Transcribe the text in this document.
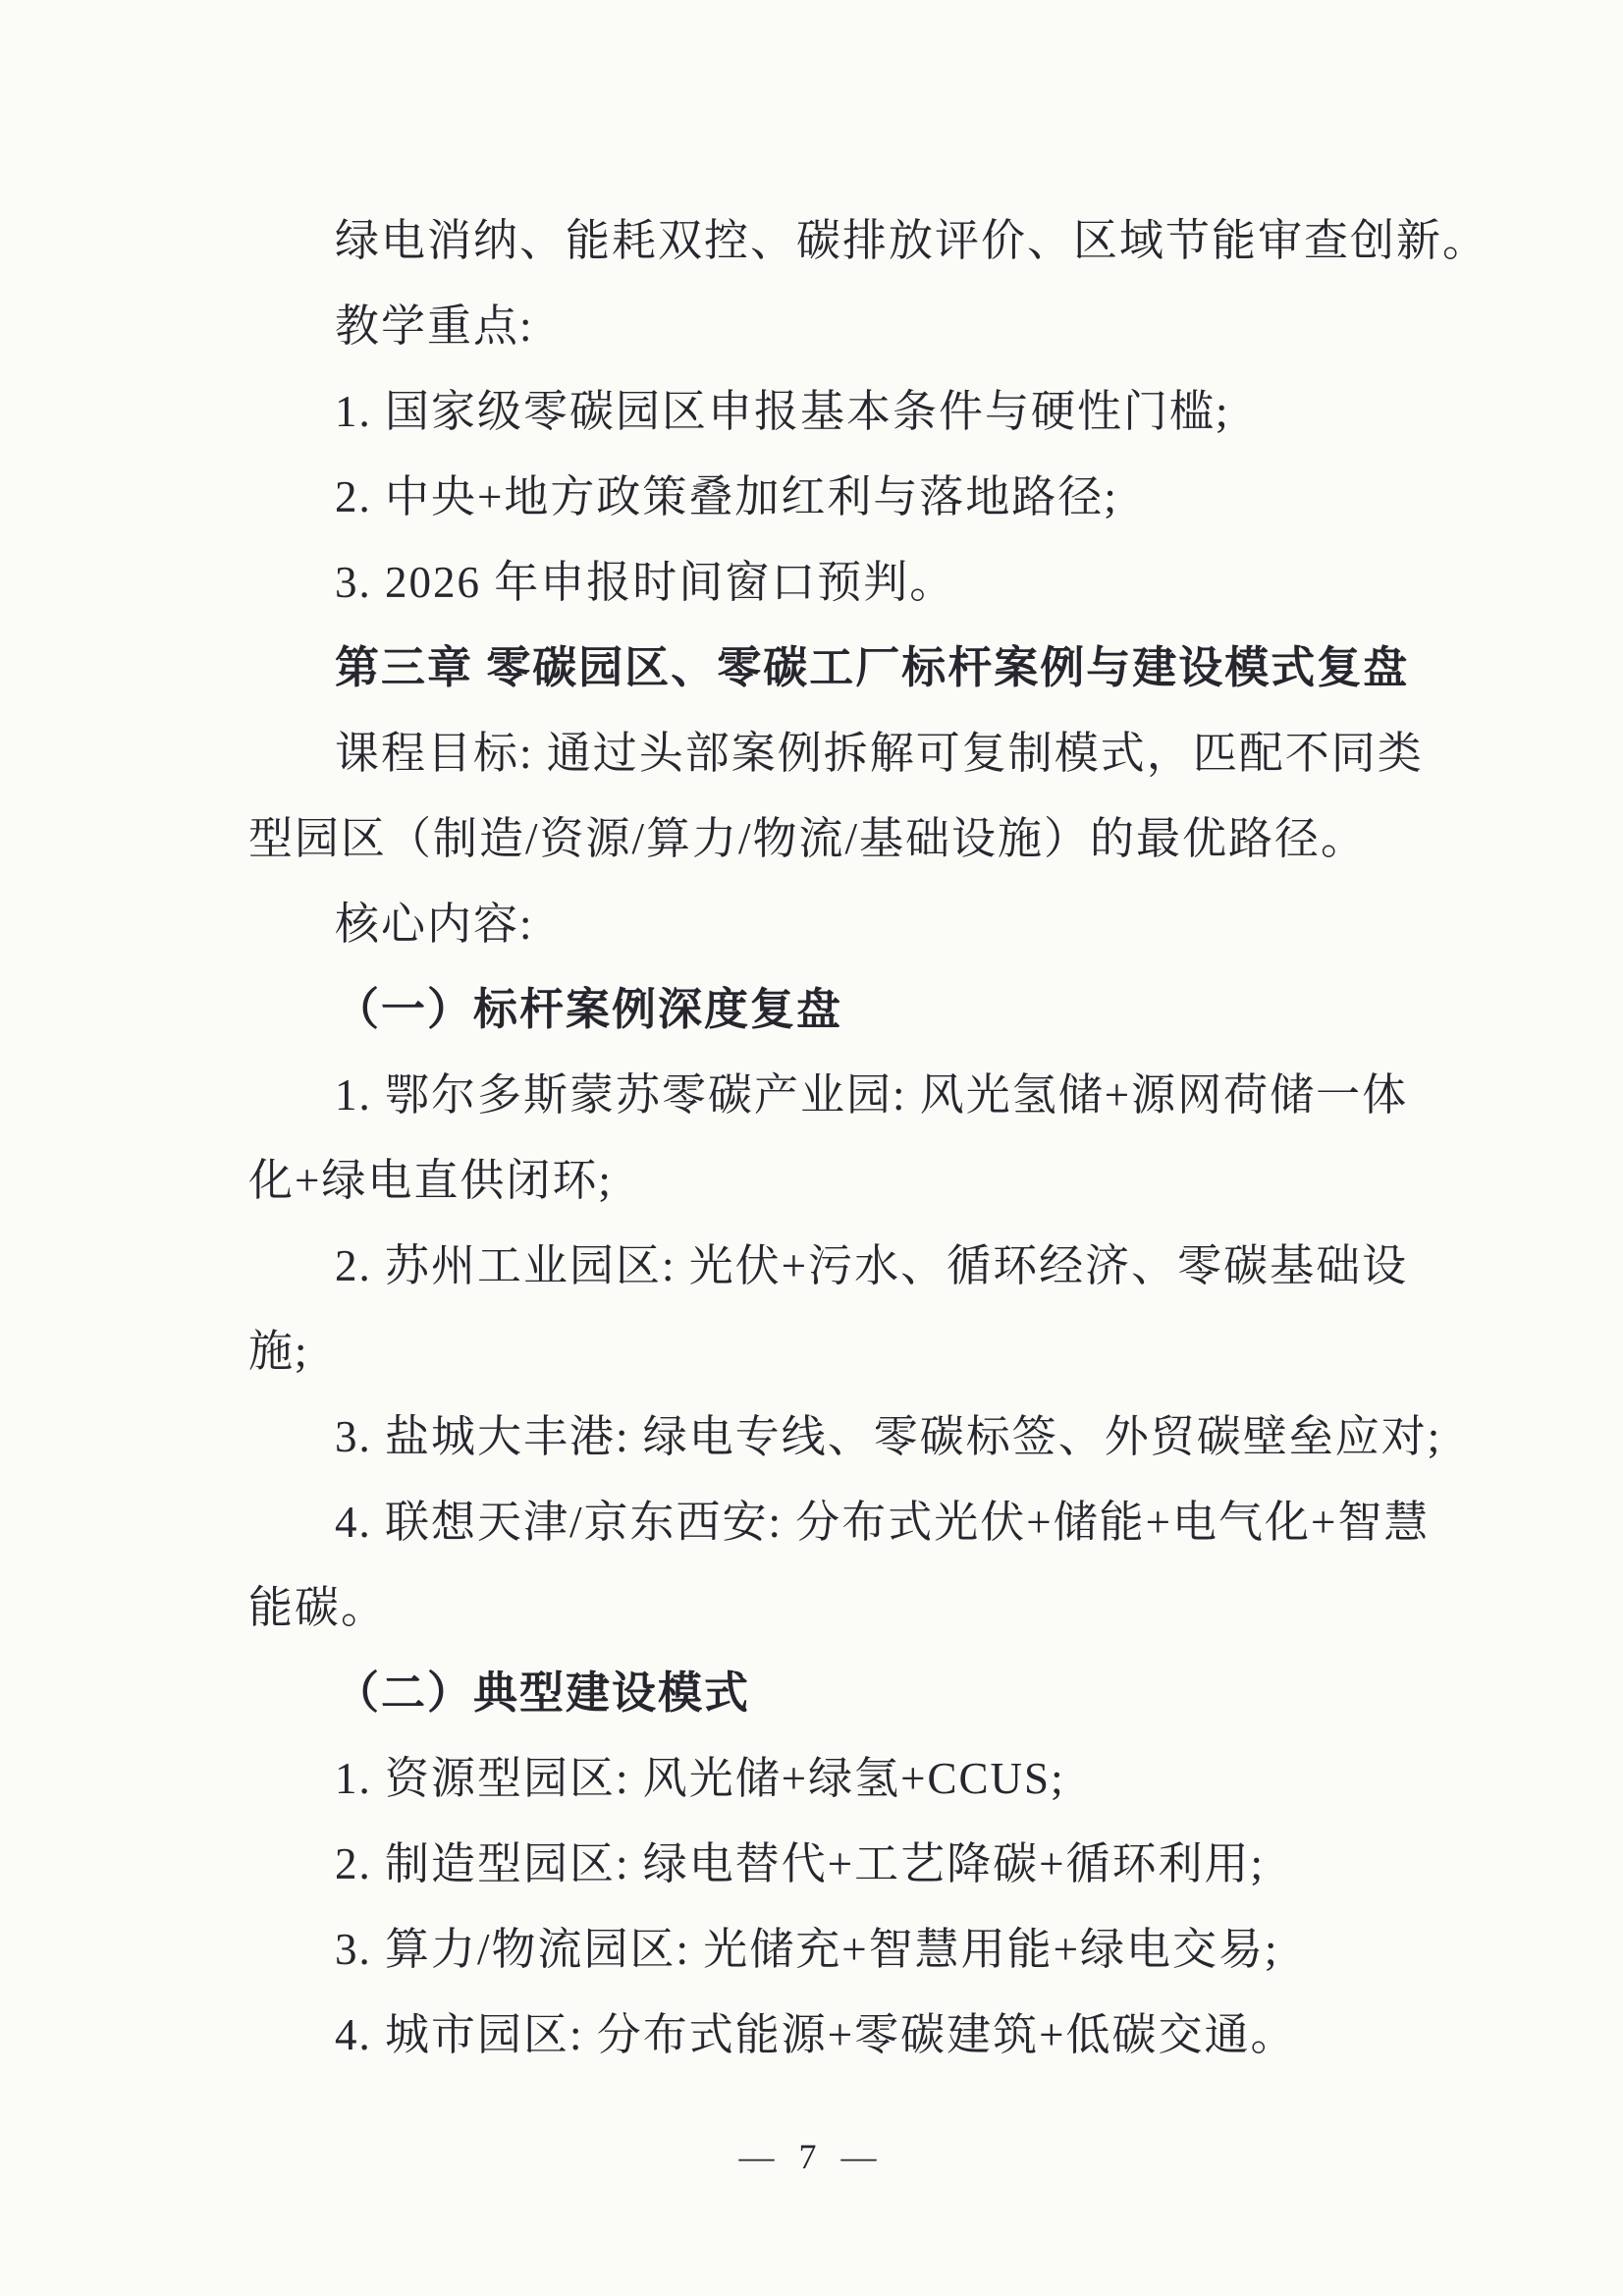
绿电消纳、能耗双控、碳排放评价、区域节能审查创新。
教学重点:
1. 国家级零碳园区申报基本条件与硬性门槛;
2. 中央+地方政策叠加红利与落地路径;
3. 2026 年申报时间窗口预判。
第三章 零碳园区、零碳工厂标杆案例与建设模式复盘
课程目标: 通过头部案例拆解可复制模式，匹配不同类
型园区（制造/资源/算力/物流/基础设施）的最优路径。
核心内容:
（一）标杆案例深度复盘
1. 鄂尔多斯蒙苏零碳产业园: 风光氢储+源网荷储一体
化+绿电直供闭环;
2. 苏州工业园区: 光伏+污水、循环经济、零碳基础设
施;
3. 盐城大丰港: 绿电专线、零碳标签、外贸碳壁垒应对;
4. 联想天津/京东西安: 分布式光伏+储能+电气化+智慧
能碳。
（二）典型建设模式
1. 资源型园区: 风光储+绿氢+CCUS;
2. 制造型园区: 绿电替代+工艺降碳+循环利用;
3. 算力/物流园区: 光储充+智慧用能+绿电交易;
4. 城市园区: 分布式能源+零碳建筑+低碳交通。
— 7 —
